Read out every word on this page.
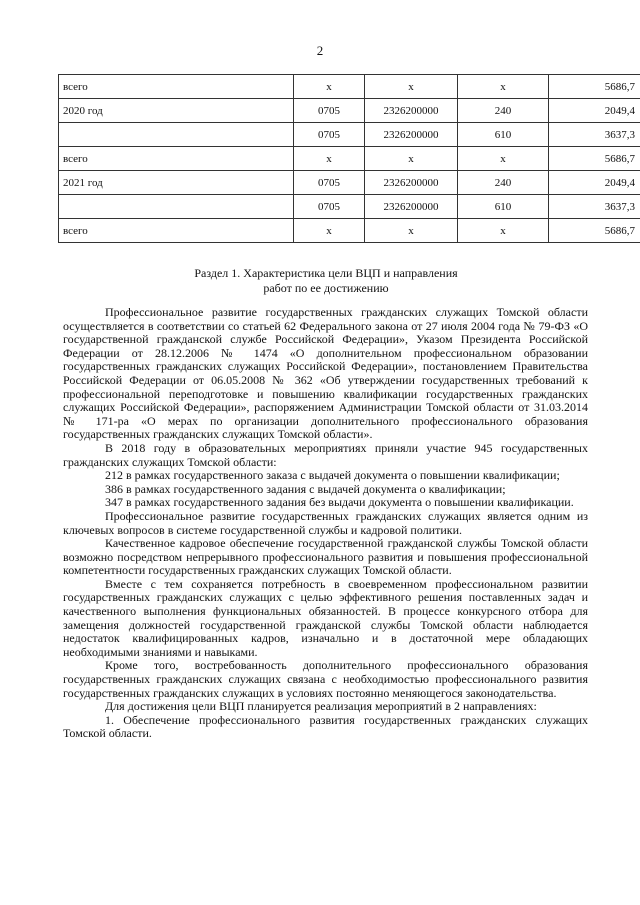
2
всего	х	х	х	5686,7
2020 год	0705	2326200000	240	2049,4
	0705	2326200000	610	3637,3
всего	х	х	х	5686,7
2021 год	0705	2326200000	240	2049,4
	0705	2326200000	610	3637,3
всего	х	х	х	5686,7
Раздел 1. Характеристика цели ВЦП и направления
работ по ее достижению

Профессиональное развитие государственных гражданских служащих Томской области осуществляется в соответствии со статьей 62 Федерального закона от 27 июля 2004 года № 79-ФЗ «О государственной гражданской службе Российской Федерации», Указом Президента Российской Федерации от 28.12.2006 № 1474 «О дополнительном профессиональном образовании государственных гражданских служащих Российской Федерации», постановлением Правительства Российской Федерации от 06.05.2008 № 362 «Об утверждении государственных требований к профессиональной переподготовке и повышению квалификации государственных гражданских служащих Российской Федерации», распоряжением Администрации Томской области от 31.03.2014 № 171-ра «О мерах по организации дополнительного профессионального образования государственных гражданских служащих Томской области».

В 2018 году в образовательных мероприятиях приняли участие 945 государственных гражданских служащих Томской области:

212 в рамках государственного заказа с выдачей документа о повышении квалификации;

386 в рамках государственного задания с выдачей документа о квалификации;

347 в рамках государственного задания без выдачи документа о повышении квалификации.

Профессиональное развитие государственных гражданских служащих является одним из ключевых вопросов в системе государственной службы и кадровой политики.

Качественное кадровое обеспечение государственной гражданской службы Томской области возможно посредством непрерывного профессионального развития и повышения профессиональной компетентности государственных гражданских служащих Томской области.

Вместе с тем сохраняется потребность в своевременном профессиональном развитии государственных гражданских служащих с целью эффективного решения поставленных задач и качественного выполнения функциональных обязанностей. В процессе конкурсного отбора для замещения должностей государственной гражданской службы Томской области наблюдается недостаток квалифицированных кадров, изначально и в достаточной мере обладающих необходимыми знаниями и навыками.

Кроме того, востребованность дополнительного профессионального образования государственных гражданских служащих связана с необходимостью профессионального развития государственных гражданских служащих в условиях постоянно меняющегося законодательства.

Для достижения цели ВЦП планируется реализация мероприятий в 2 направлениях:

1. Обеспечение профессионального развития государственных гражданских служащих Томской области.
